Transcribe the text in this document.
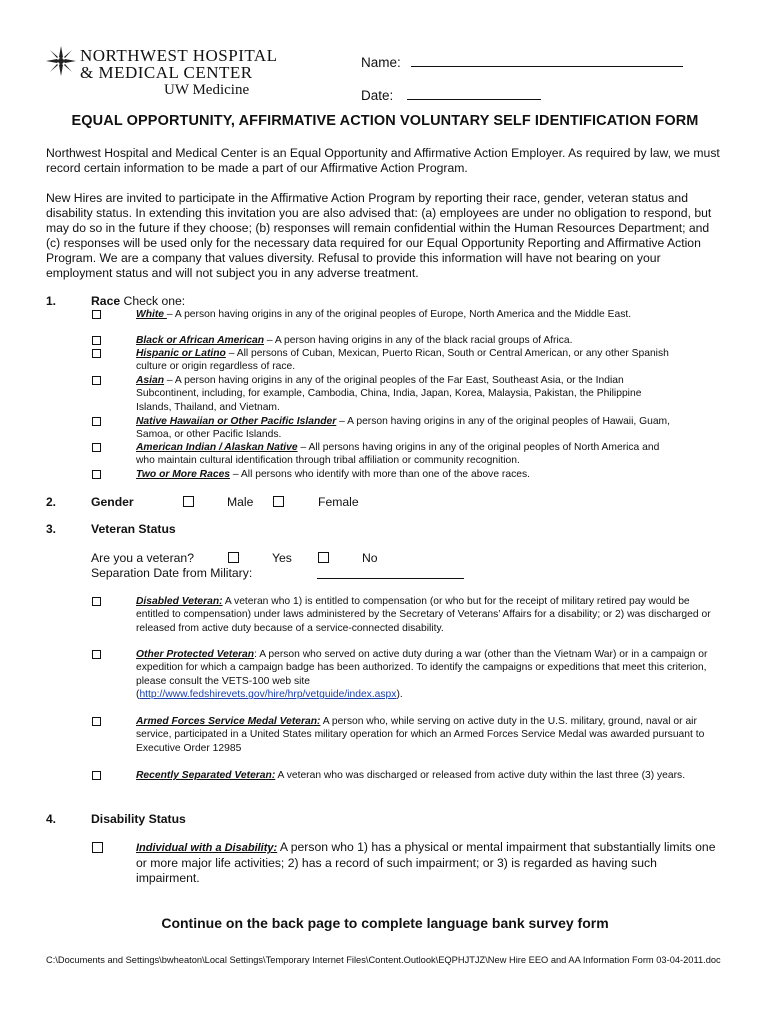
NORTHWEST HOSPITAL
& MEDICAL CENTER
UW Medicine
Name:
Date:
EQUAL OPPORTUNITY, AFFIRMATIVE ACTION VOLUNTARY SELF IDENTIFICATION FORM
Northwest Hospital and Medical Center is an Equal Opportunity and Affirmative Action Employer. As required by law, we must record certain information to be made a part of our Affirmative Action Program.
New Hires are invited to participate in the Affirmative Action Program by reporting their race, gender, veteran status and disability status. In extending this invitation you are also advised that: (a) employees are under no obligation to respond, but may do so in the future if they choose; (b) responses will remain confidential within the Human Resources Department; and (c) responses will be used only for the necessary data required for our Equal Opportunity Reporting and Affirmative Action Program. We are a company that values diversity. Refusal to provide this information will have not bearing on your employment status and will not subject you in any adverse treatment.
1.	Race Check one:
White – A person having origins in any of the original peoples of Europe, North America and the Middle East.
Black or African American – A person having origins in any of the black racial groups of Africa.
Hispanic or Latino – All persons of Cuban, Mexican, Puerto Rican, South or Central American, or any other Spanish culture or origin regardless of race.
Asian – A person having origins in any of the original peoples of the Far East, Southeast Asia, or the Indian Subcontinent, including, for example, Cambodia, China, India, Japan, Korea, Malaysia, Pakistan, the Philippine Islands, Thailand, and Vietnam.
Native Hawaiian or Other Pacific Islander – A person having origins in any of the original peoples of Hawaii, Guam, Samoa, or other Pacific Islands.
American Indian / Alaskan Native – All persons having origins in any of the original peoples of North America and who maintain cultural identification through tribal affiliation or community recognition.
Two or More Races – All persons who identify with more than one of the above races.
2.	Gender	Male	Female
3.	Veteran Status
Are you a veteran?	Yes	No
Separation Date from Military:
Disabled Veteran: A veteran who 1) is entitled to compensation (or who but for the receipt of military retired pay would be entitled to compensation) under laws administered by the Secretary of Veterans’ Affairs for a disability; or 2) was discharged or released from active duty because of a service-connected disability.
Other Protected Veteran: A person who served on active duty during a war (other than the Vietnam War) or in a campaign or expedition for which a campaign badge has been authorized. To identify the campaigns or expeditions that meet this criterion, please consult the VETS-100 web site
(http://www.fedshirevets.gov/hire/hrp/vetguide/index.aspx).
Armed Forces Service Medal Veteran: A person who, while serving on active duty in the U.S. military, ground, naval or air service, participated in a United States military operation for which an Armed Forces Service Medal was awarded pursuant to Executive Order 12985
Recently Separated Veteran: A veteran who was discharged or released from active duty within the last three (3) years.
4.	Disability Status
Individual with a Disability: A person who 1) has a physical or mental impairment that substantially limits one or more major life activities; 2) has a record of such impairment; or 3) is regarded as having such impairment.
Continue on the back page to complete language bank survey form
C:\Documents and Settings\bwheaton\Local Settings\Temporary Internet Files\Content.Outlook\EQPHJTJZ\New Hire EEO and AA Information Form 03-04-2011.doc
